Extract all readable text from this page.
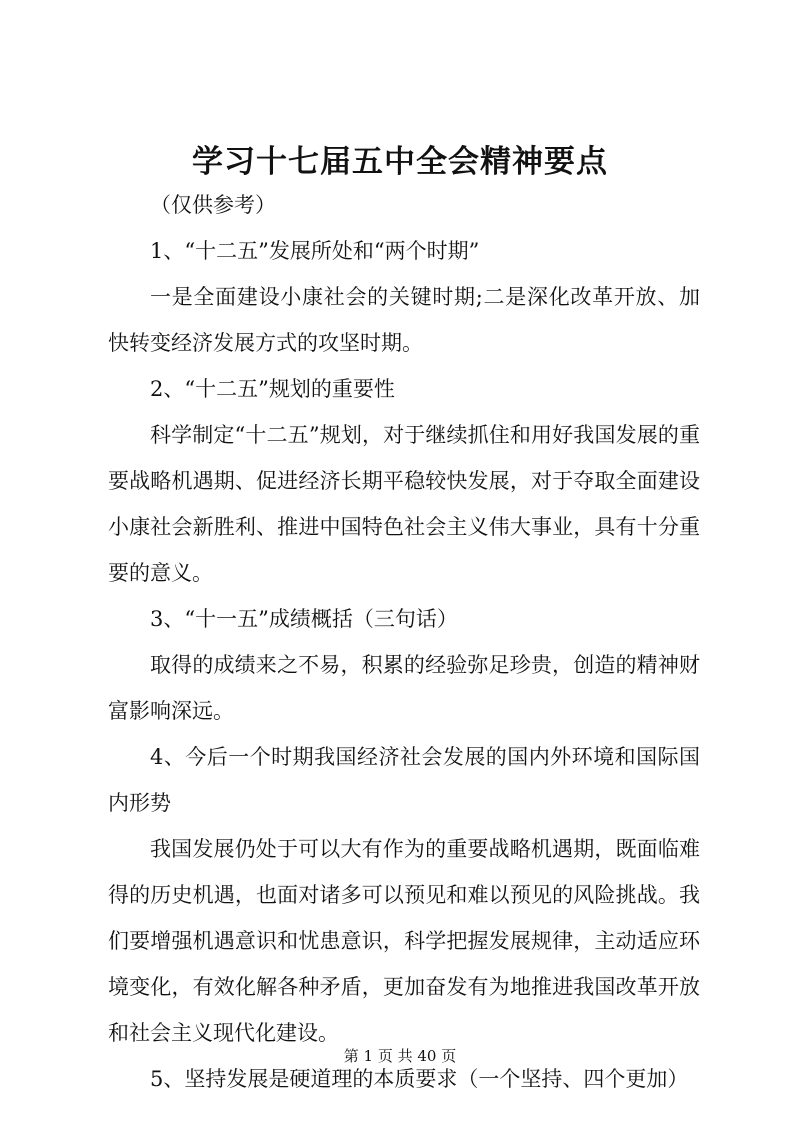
学习十七届五中全会精神要点

（仅供参考）

1、“十二五”发展所处和“两个时期”

一是全面建设小康社会的关键时期;二是深化改革开放、加快转变经济发展方式的攻坚时期。

2、“十二五”规划的重要性

科学制定“十二五”规划，对于继续抓住和用好我国发展的重要战略机遇期、促进经济长期平稳较快发展，对于夺取全面建设小康社会新胜利、推进中国特色社会主义伟大事业，具有十分重要的意义。

3、“十一五”成绩概括（三句话）

取得的成绩来之不易，积累的经验弥足珍贵，创造的精神财富影响深远。

4、今后一个时期我国经济社会发展的国内外环境和国际国内形势

我国发展仍处于可以大有作为的重要战略机遇期，既面临难得的历史机遇，也面对诸多可以预见和难以预见的风险挑战。我们要增强机遇意识和忧患意识，科学把握发展规律，主动适应环境变化，有效化解各种矛盾，更加奋发有为地推进我国改革开放和社会主义现代化建设。

5、坚持发展是硬道理的本质要求（一个坚持、四个更加）

第 1 页 共 40 页
